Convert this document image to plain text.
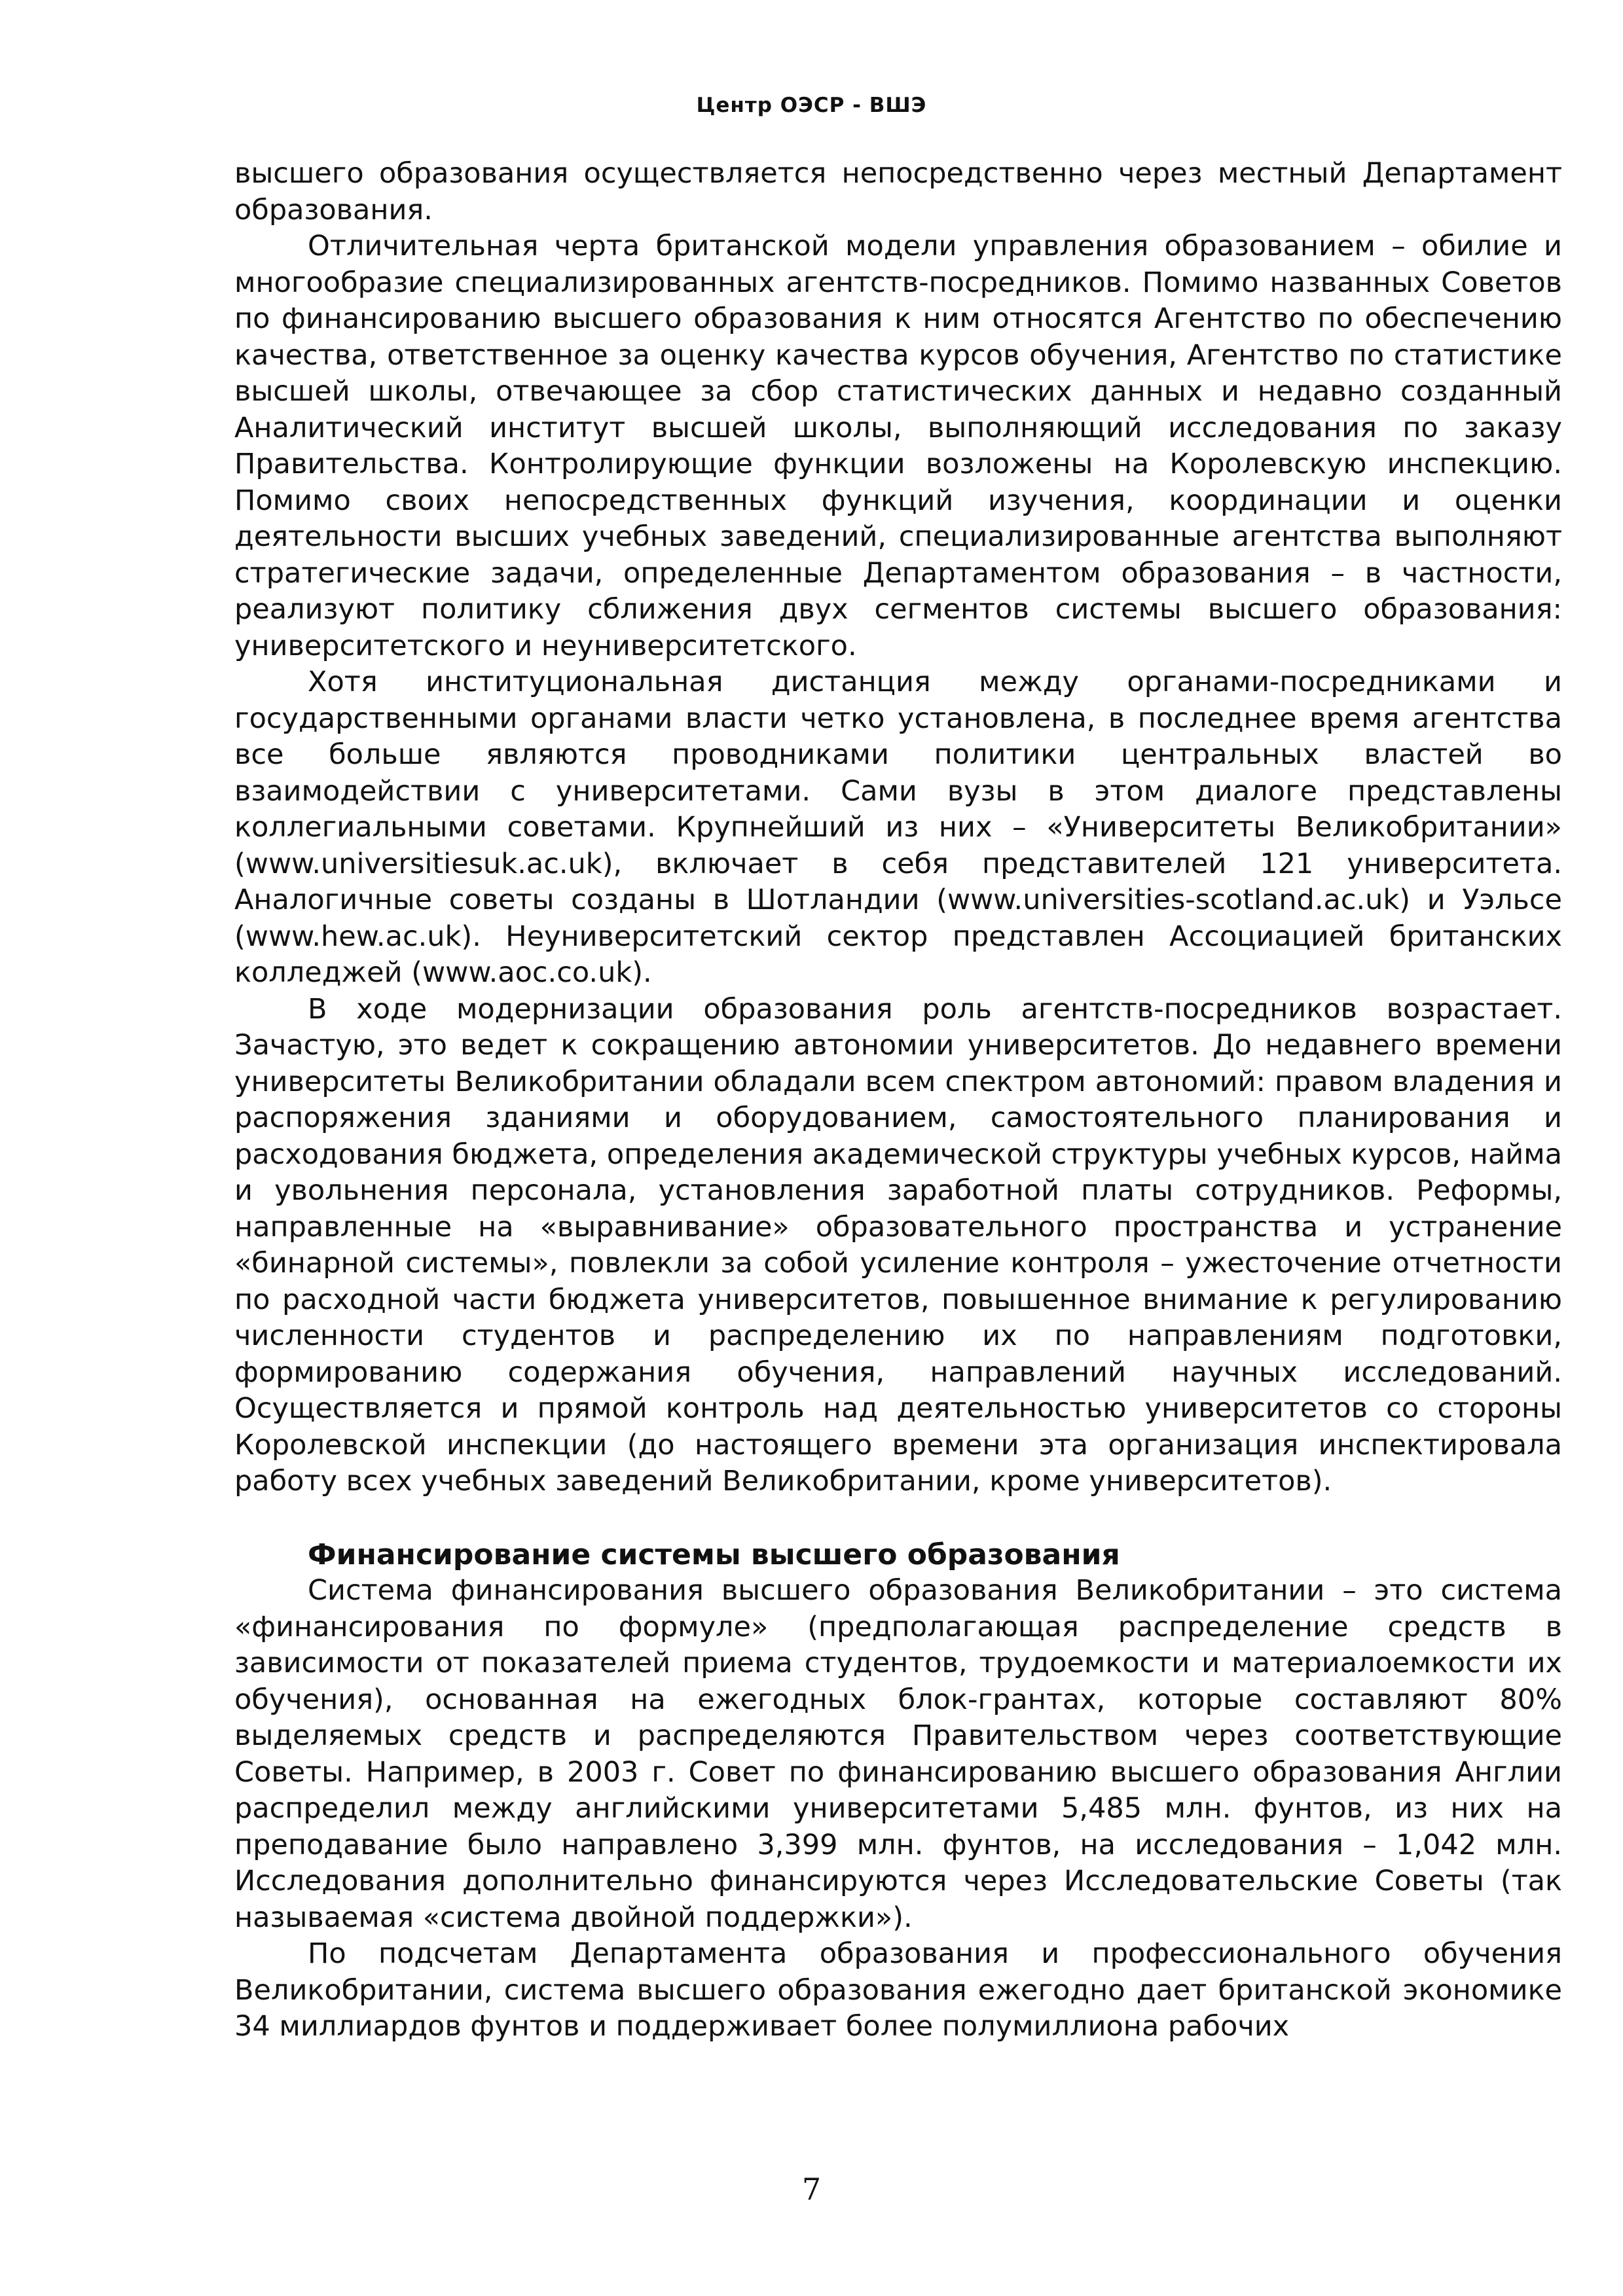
Центр ОЭСР - ВШЭ

высшего образования осуществляется непосредственно через местный Департамент образования.

Отличительная черта британской модели управления образованием – обилие и многообразие специализированных агентств-посредников. Помимо названных Советов по финансированию высшего образования к ним относятся Агентство по обеспечению качества, ответственное за оценку качества курсов обучения, Агентство по статистике высшей школы, отвечающее за сбор статистических данных и недавно созданный Аналитический институт высшей школы, выполняющий исследования по заказу Правительства. Контролирующие функции возложены на Королевскую инспекцию. Помимо своих непосредственных функций изучения, координации и оценки деятельности высших учебных заведений, специализированные агентства выполняют стратегические задачи, определенные Департаментом образования – в частности, реализуют политику сближения двух сегментов системы высшего образования: университетского и неуниверситетского.

Хотя институциональная дистанция между органами-посредниками и государственными органами власти четко установлена, в последнее время агентства все больше являются проводниками политики центральных властей во взаимодействии с университетами. Сами вузы в этом диалоге представлены коллегиальными советами. Крупнейший из них – «Университеты Великобритании» (www.universitiesuk.ac.uk), включает в себя представителей 121 университета. Аналогичные советы созданы в Шотландии (www.universities-scotland.ac.uk) и Уэльсе (www.hew.ac.uk). Неуниверситетский сектор представлен Ассоциацией британских колледжей (www.aoc.co.uk).

В ходе модернизации образования роль агентств-посредников возрастает. Зачастую, это ведет к сокращению автономии университетов. До недавнего времени университеты Великобритании обладали всем спектром автономий: правом владения и распоряжения зданиями и оборудованием, самостоятельного планирования и расходования бюджета, определения академической структуры учебных курсов, найма и увольнения персонала, установления заработной платы сотрудников. Реформы, направленные на «выравнивание» образовательного пространства и устранение «бинарной системы», повлекли за собой усиление контроля – ужесточение отчетности по расходной части бюджета университетов, повышенное внимание к регулированию численности студентов и распределению их по направлениям подготовки, формированию содержания обучения, направлений научных исследований. Осуществляется и прямой контроль над деятельностью университетов со стороны Королевской инспекции (до настоящего времени эта организация инспектировала работу всех учебных заведений Великобритании, кроме университетов).

Финансирование системы высшего образования

Система финансирования высшего образования Великобритании – это система «финансирования по формуле» (предполагающая распределение средств в зависимости от показателей приема студентов, трудоемкости и материалоемкости их обучения), основанная на ежегодных блок-грантах, которые составляют 80% выделяемых средств и распределяются Правительством через соответствующие Советы. Например, в 2003 г. Совет по финансированию высшего образования Англии распределил между английскими университетами 5,485 млн. фунтов, из них на преподавание было направлено 3,399 млн. фунтов, на исследования – 1,042 млн. Исследования дополнительно финансируются через Исследовательские Советы (так называемая «система двойной поддержки»).

По подсчетам Департамента образования и профессионального обучения Великобритании, система высшего образования ежегодно дает британской экономике 34 миллиардов фунтов и поддерживает более полумиллиона рабочих

7
